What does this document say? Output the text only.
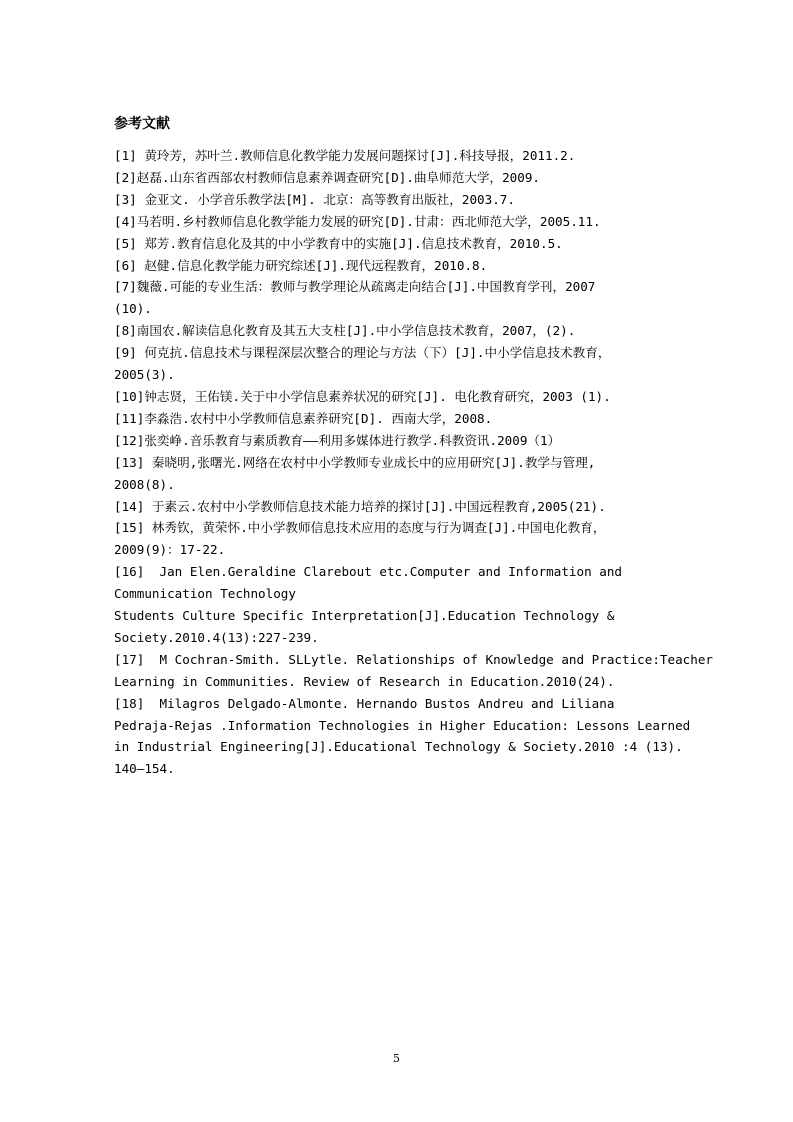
参考文献

[1] 黄玲芳，苏叶兰.教师信息化教学能力发展问题探讨[J].科技导报，2011.2.

[2]赵磊.山东省西部农村教师信息素养调查研究[D].曲阜师范大学，2009.

[3] 金亚文. 小学音乐教学法[M]. 北京：高等教育出版社，2003.7.

[4]马若明.乡村教师信息化教学能力发展的研究[D].甘肃：西北师范大学，2005.11.

[5] 郑芳.教育信息化及其的中小学教育中的实施[J].信息技术教育，2010.5.

[6] 赵健.信息化教学能力研究综述[J].现代远程教育，2010.8.

[7]魏薇.可能的专业生活：教师与教学理论从疏离走向结合[J].中国教育学刊，2007
(10).

[8]南国农.解读信息化教育及其五大支柱[J].中小学信息技术教育，2007，(2).

[9] 何克抗.信息技术与课程深层次整合的理论与方法（下）[J].中小学信息技术教育，
2005(3).

[10]钟志贤，王佑镁.关于中小学信息素养状况的研究[J]. 电化教育研究，2003 (1).

[11]李淼浩.农村中小学教师信息素养研究[D]. 西南大学，2008.

[12]张奕峥.音乐教育与素质教育——利用多媒体进行教学.科教资讯.2009（1）

[13] 秦晓明,张曙光.网络在农村中小学教师专业成长中的应用研究[J].教学与管理,
2008(8).

[14] 于素云.农村中小学教师信息技术能力培养的探讨[J].中国远程教育,2005(21).

[15] 林秀钦，黄荣怀.中小学教师信息技术应用的态度与行为调查[J].中国电化教育，
2009(9)：17-22.

[16]  Jan Elen.Geraldine Clarebout etc.Computer and Information and
Communication Technology
Students Culture Specific Interpretation[J].Education Technology &
Society.2010.4(13):227-239.

[17]  M Cochran-Smith. SLLytle. Relationships of Knowledge and Practice:Teacher
Learning in Communities. Review of Research in Education.2010(24).

[18]  Milagros Delgado-Almonte. Hernando Bustos Andreu and Liliana
Pedraja-Rejas .Information Technologies in Higher Education: Lessons Learned
in Industrial Engineering[J].Educational Technology & Society.2010 :4 (13).
140–154.

5
